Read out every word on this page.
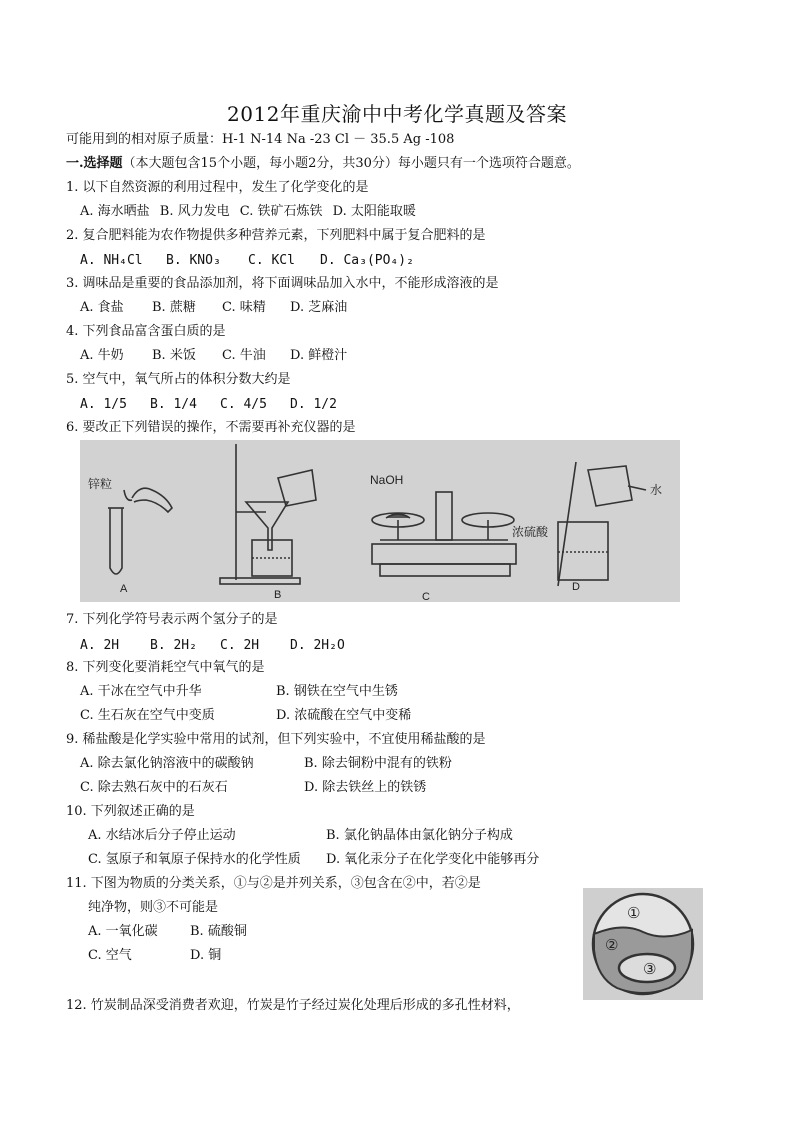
2012年重庆渝中中考化学真题及答案
可能用到的相对原子质量：H-1 N-14 Na -23 Cl － 35.5 Ag -108
一.选择题（本大题包含15个小题，每小题2分，共30分）每小题只有一个选项符合题意。
1. 以下自然资源的利用过程中，发生了化学变化的是
A. 海水晒盐 B. 风力发电 C. 铁矿石炼铁 D. 太阳能取暖
2. 复合肥料能为农作物提供多种营养元素，下列肥料中属于复合肥料的是
A. NH₄Cl B. KNO₃ C. KCl D. Ca₃(PO₄)₂
3. 调味品是重要的食品添加剂，将下面调味品加入水中，不能形成溶液的是
A. 食盐 B. 蔗糖 C. 味精 D. 芝麻油
4. 下列食品富含蛋白质的是
A. 牛奶 B. 米饭 C. 牛油 D. 鲜橙汁
5. 空气中，氧气所占的体积分数大约是
A. 1/5 B. 1/4 C. 4/5 D. 1/2
6. 要改正下列错误的操作，不需要再补充仪器的是
锌粒
A	B
NaOH
C
水
浓硫酸
D
7. 下列化学符号表示两个氢分子的是
A. 2H B. 2H₂ C. 2H D. 2H₂O
8. 下列变化要消耗空气中氧气的是
A. 干冰在空气中升华	B. 钢铁在空气中生锈
C. 生石灰在空气中变质	D. 浓硫酸在空气中变稀
9. 稀盐酸是化学实验中常用的试剂，但下列实验中，不宜使用稀盐酸的是
A. 除去氯化钠溶液中的碳酸钠	B. 除去铜粉中混有的铁粉
C. 除去熟石灰中的石灰石	D. 除去铁丝上的铁锈
10. 下列叙述正确的是
A. 水结冰后分子停止运动	B. 氯化钠晶体由氯化钠分子构成
C. 氢原子和氧原子保持水的化学性质 D. 氧化汞分子在化学变化中能够再分
11. 下图为物质的分类关系，①与②是并列关系，③包含在②中，若②是
纯净物，则③不可能是
A. 一氧化碳 B. 硫酸铜
C. 空气	D. 铜
①
②
③
12. 竹炭制品深受消费者欢迎，竹炭是竹子经过炭化处理后形成的多孔性材料，
